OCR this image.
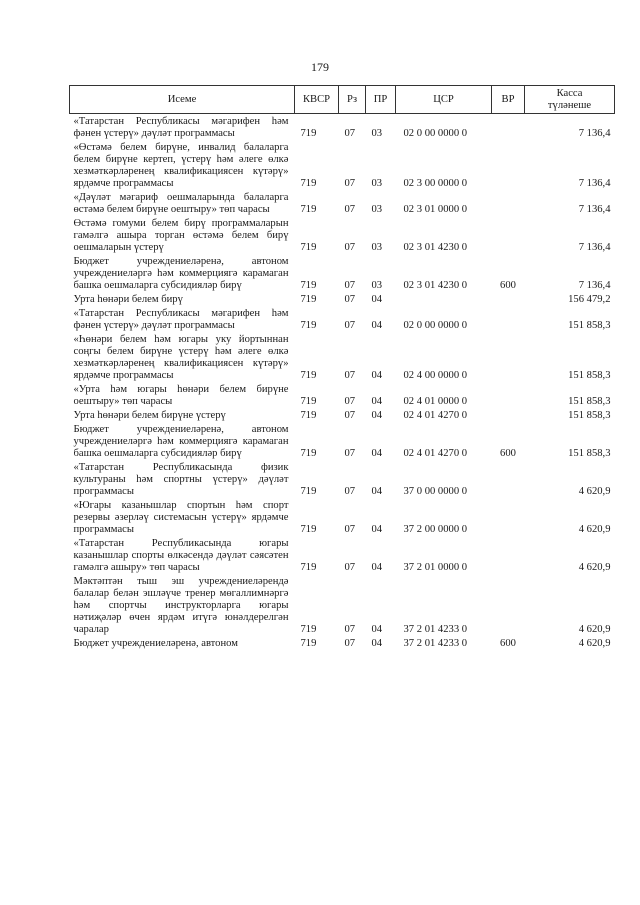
179
Исеме	КВСР	Рз	ПР	ЦСР	ВР	Касса
түләнеше

«Татарстан Республикасы мәгарифен һәм фәнен үстерү» дәүләт программасы	719	07	03	02 0 00 0000 0		7 136,4
«Өстәмә белем бирүне, инвалид балаларга белем бирүне кертеп, үстерү һәм әлеге өлкә хезмәткәрләренең квалификациясен күтәрү» ярдәмче программасы	719	07	03	02 3 00 0000 0		7 136,4
«Дәүләт мәгариф оешмаларында балаларга өстәмә белем бирүне оештыру» төп чарасы	719	07	03	02 3 01 0000 0		7 136,4
Өстәмә гомуми белем бирү программаларын гамәлгә ашыра торган өстәмә белем бирү оешмаларын үстерү	719	07	03	02 3 01 4230 0		7 136,4
Бюджет учреждениеләренә, автоном учреждениеләргә һәм коммерциягә карамаган башка оешмаларга субсидияләр бирү	719	07	03	02 3 01 4230 0	600	7 136,4
Урта һөнәри белем бирү	719	07	04			156 479,2
«Татарстан Республикасы мәгарифен һәм фәнен үстерү» дәүләт программасы	719	07	04	02 0 00 0000 0		151 858,3
«Һөнәри белем һәм югары уку йортыннан соңгы белем бирүне үстерү һәм әлеге өлкә хезмәткәрләренең квалификациясен күтәрү» ярдәмче программасы	719	07	04	02 4 00 0000 0		151 858,3
«Урта һәм югары һөнәри белем бирүне оештыру» төп чарасы	719	07	04	02 4 01 0000 0		151 858,3
Урта һөнәри белем бирүне үстерү	719	07	04	02 4 01 4270 0		151 858,3
Бюджет учреждениеләренә, автоном учреждениеләргә һәм коммерциягә карамаган башка оешмаларга субсидияләр бирү	719	07	04	02 4 01 4270 0	600	151 858,3
«Татарстан Республикасында физик культураны һәм спортны үстерү» дәүләт программасы	719	07	04	37 0 00 0000 0		4 620,9
«Югары казанышлар спортын һәм спорт резервы әзерләү системасын үстерү» ярдәмче программасы	719	07	04	37 2 00 0000 0		4 620,9
«Татарстан Республикасында югары казанышлар спорты өлкәсендә дәүләт сәясәтен гамәлгә ашыру» төп чарасы	719	07	04	37 2 01 0000 0		4 620,9
Мәктәптән тыш эш учреждениеләрендә балалар белән эшләүче тренер мөгаллимнәргә һәм спортчы инструкторларга югары нәтиҗәләр өчен ярдәм итүгә юнәлдерелгән чаралар	719	07	04	37 2 01 4233 0		4 620,9
Бюджет учреждениеләренә, автоном	719	07	04	37 2 01 4233 0	600	4 620,9
